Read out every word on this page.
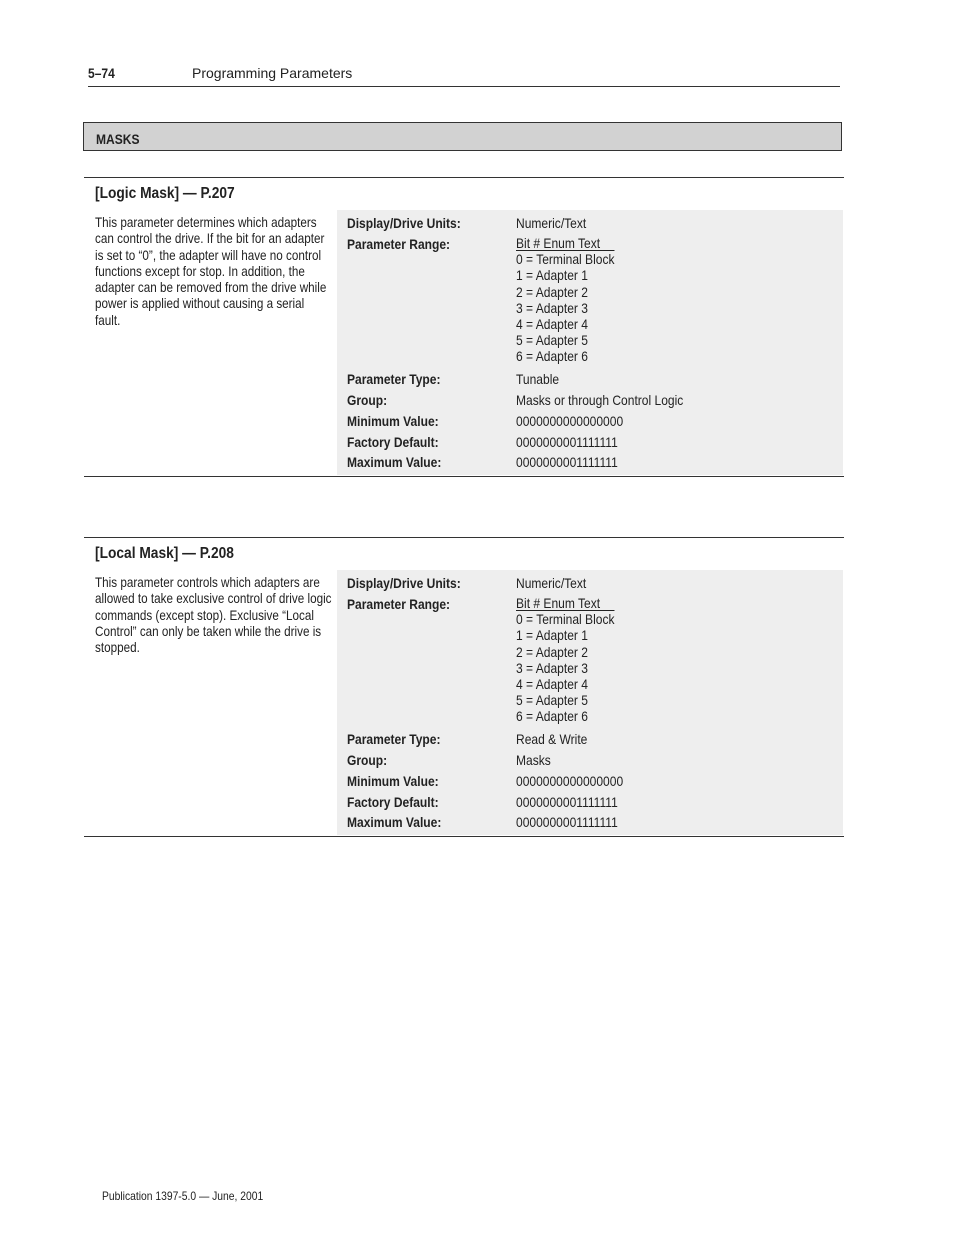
5–74	Programming Parameters
MASKS
[Logic Mask] — P.207

This parameter determines which adapters

can control the drive. If the bit for an adapter

is set to “0”, the adapter will have no control

functions except for stop. In addition, the

adapter can be removed from the drive while

power is applied without causing a serial

fault.

Display/Drive Units:	Numeric/Text
Parameter Range:	Bit # Enum Text
0 = Terminal Block
1 = Adapter 1
2 = Adapter 2
3 = Adapter 3
4 = Adapter 4
5 = Adapter 5
6 = Adapter 6
Parameter Type:	Tunable
Group:	Masks or through Control Logic
Minimum Value:	0000000000000000
Factory Default:	0000000001111111
Maximum Value:	0000000001111111
[Local Mask] — P.208

This parameter controls which adapters are

allowed to take exclusive control of drive logic

commands (except stop). Exclusive “Local

Control” can only be taken while the drive is

stopped.

Display/Drive Units:	Numeric/Text
Parameter Range:	Bit # Enum Text
0 = Terminal Block
1 = Adapter 1
2 = Adapter 2
3 = Adapter 3
4 = Adapter 4
5 = Adapter 5
6 = Adapter 6
Parameter Type:	Read & Write
Group:	Masks
Minimum Value:	0000000000000000
Factory Default:	0000000001111111
Maximum Value:	0000000001111111
Publication 1397-5.0 — June, 2001
